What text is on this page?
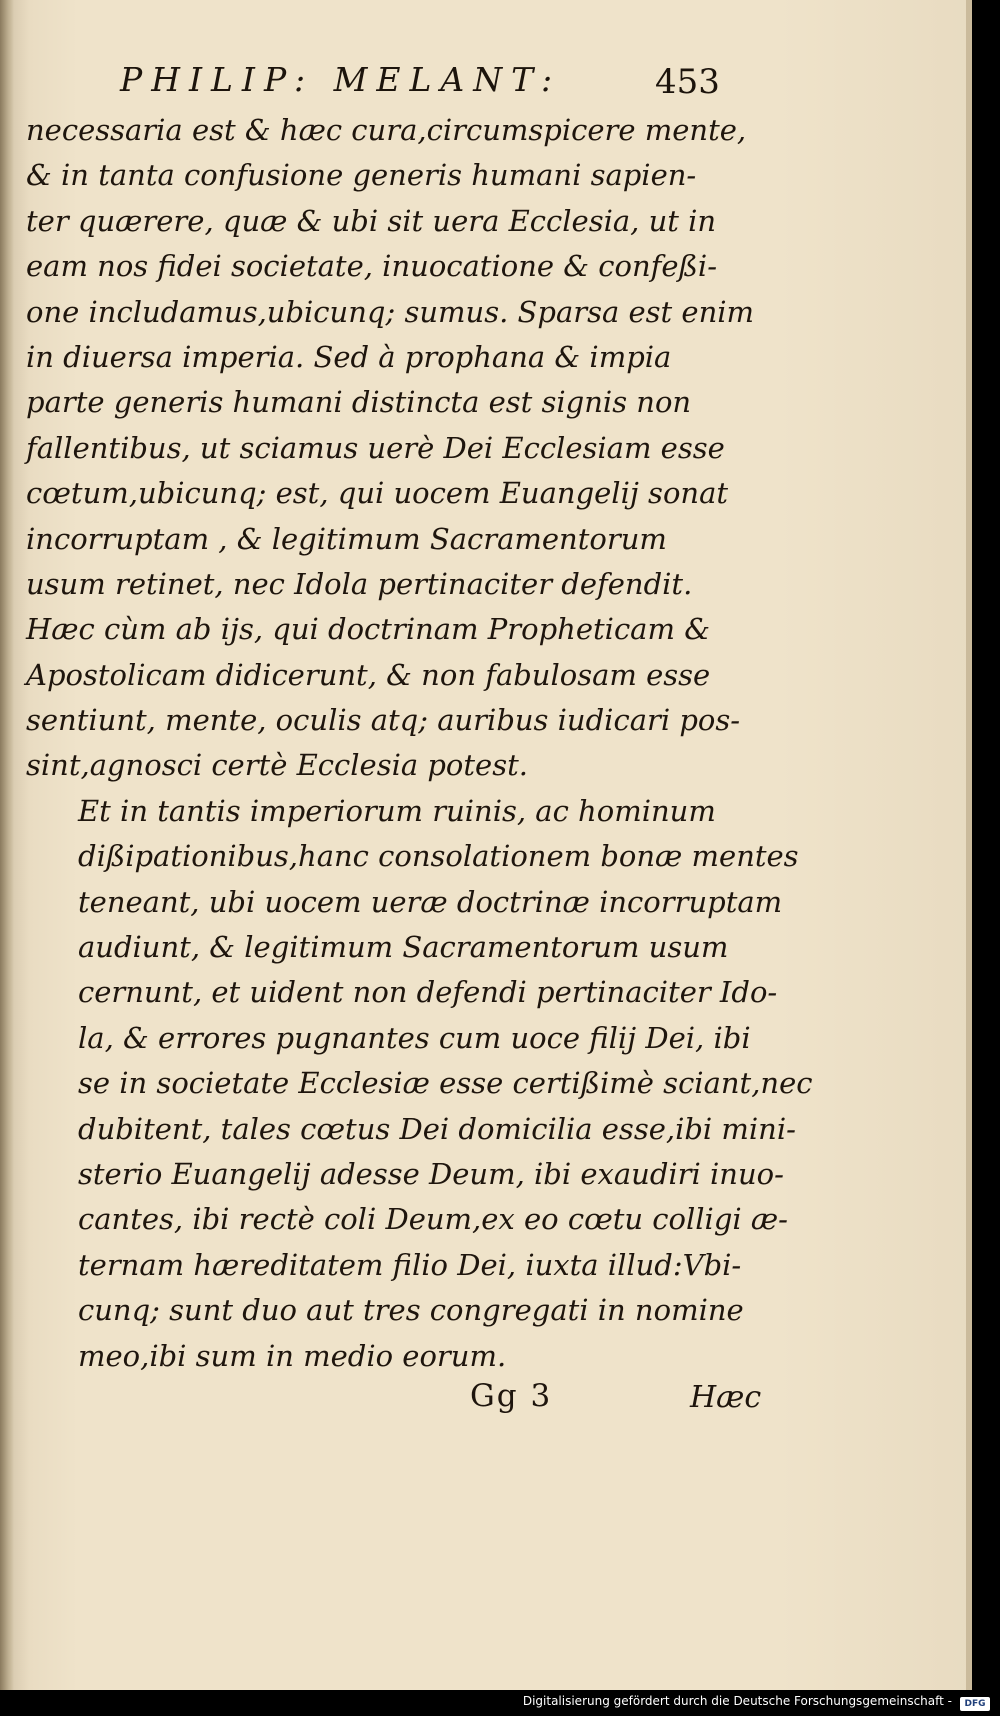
PHILIP: MELANT:	453
necessaria est & hæc cura,circumspicere mente,
& in tanta confusione generis humani sapien-
ter quærere, quæ & ubi sit uera Ecclesia, ut in
eam nos fidei societate, inuocatione & confeßi-
one includamus,ubicunq; sumus. Sparsa est enim
in diuersa imperia. Sed à prophana & impia
parte generis humani distincta est signis non
fallentibus, ut sciamus uerè Dei Ecclesiam esse
cœtum,ubicunq; est, qui uocem Euangelij sonat
incorruptam , & legitimum Sacramentorum
usum retinet, nec Idola pertinaciter defendit.
Hæc cùm ab ijs, qui doctrinam Propheticam &
Apostolicam didicerunt, & non fabulosam esse
sentiunt, mente, oculis atq; auribus iudicari pos-
sint,agnosci certè Ecclesia potest.
Et in tantis imperiorum ruinis, ac hominum
dißipationibus,hanc consolationem bonæ mentes
teneant, ubi uocem ueræ doctrinæ incorruptam
audiunt, & legitimum Sacramentorum usum
cernunt, et uident non defendi pertinaciter Ido-
la, & errores pugnantes cum uoce filij Dei, ibi
se in societate Ecclesiæ esse certißimè sciant,nec
dubitent, tales cœtus Dei domicilia esse,ibi mini-
sterio Euangelij adesse Deum, ibi exaudiri inuo-
cantes, ibi rectè coli Deum,ex eo cœtu colligi æ-
ternam hæreditatem filio Dei, iuxta illud:Vbi-
cunq; sunt duo aut tres congregati in nomine
meo,ibi sum in medio eorum.
Gg 3	Hæc
Digitalisierung gefördert durch die Deutsche Forschungsgemeinschaft -	DFG
